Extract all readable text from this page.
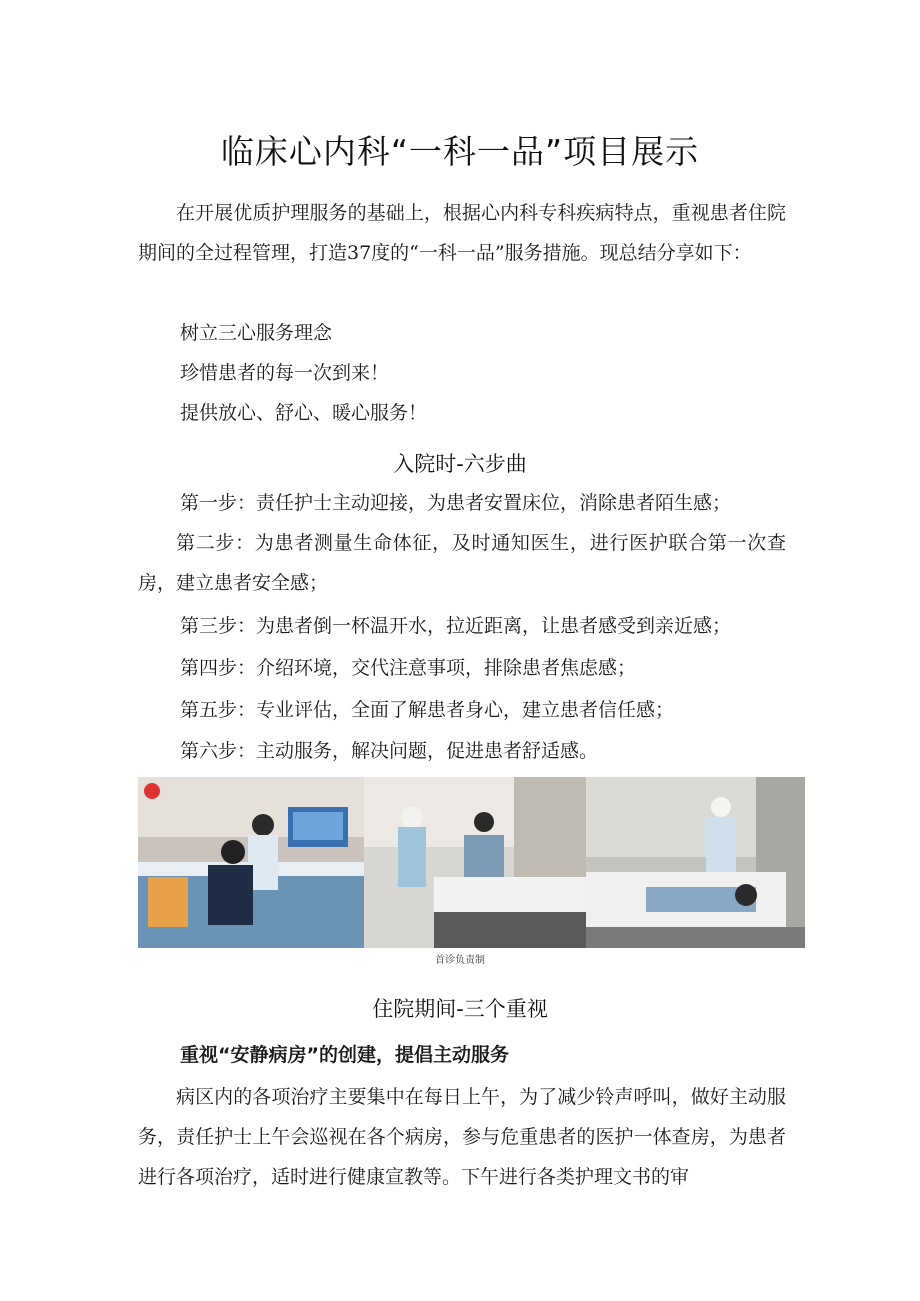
临床心内科“一科一品”项目展示

在开展优质护理服务的基础上，根据心内科专科疾病特点，重视患者住院期间的全过程管理，打造37度的“一科一品”服务措施。现总结分享如下：

树立三心服务理念
珍惜患者的每一次到来！
提供放心、舒心、暖心服务！
入院时-六步曲
第一步：责任护士主动迎接，为患者安置床位，消除患者陌生感；

第二步：为患者测量生命体征，及时通知医生，进行医护联合第一次查房，建立患者安全感；

第三步：为患者倒一杯温开水，拉近距离，让患者感受到亲近感；
第四步：介绍环境，交代注意事项，排除患者焦虑感；
第五步：专业评估，全面了解患者身心，建立患者信任感；
第六步：主动服务，解决问题，促进患者舒适感。
首诊负责制
住院期间-三个重视
重视“安静病房”的创建，提倡主动服务

病区内的各项治疗主要集中在每日上午，为了减少铃声呼叫，做好主动服务，责任护士上午会巡视在各个病房，参与危重患者的医护一体查房，为患者进行各项治疗，适时进行健康宣教等。下午进行各类护理文书的审
